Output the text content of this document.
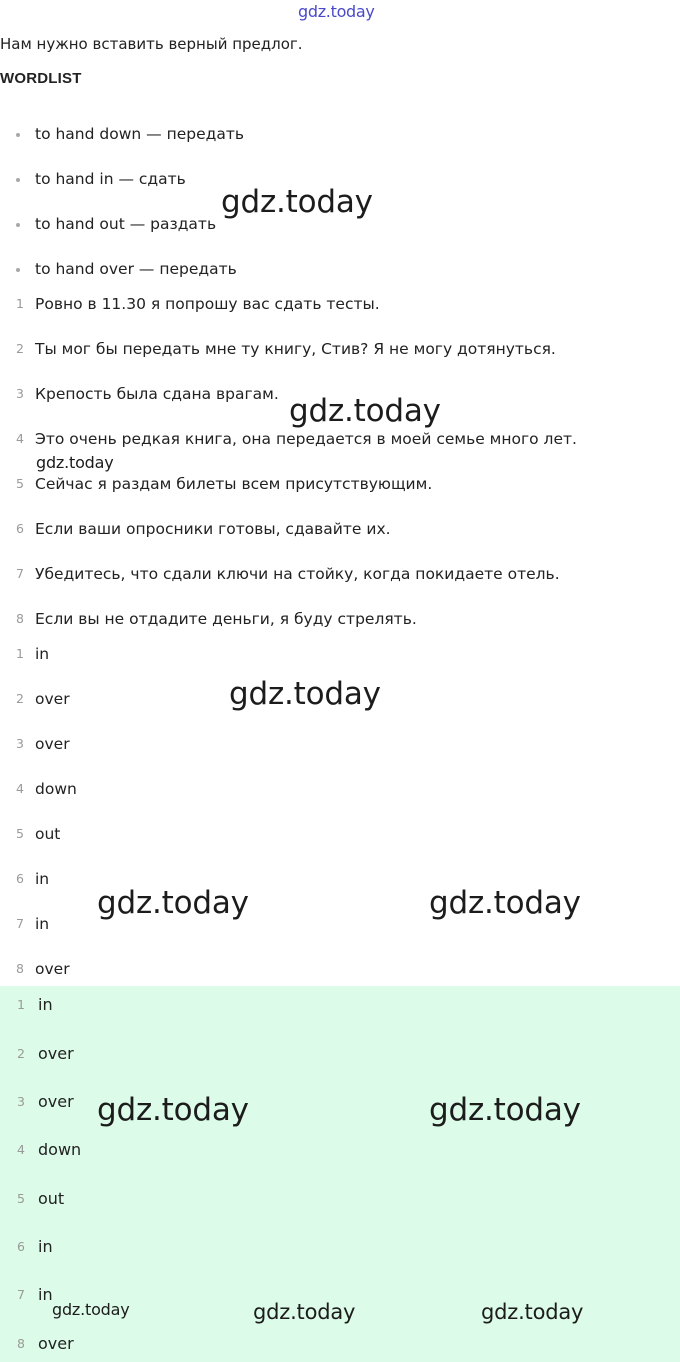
gdz.today
Нам нужно вставить верный предлог.
WORDLIST
to hand down — передать
to hand in — сдать
to hand out — раздать
to hand over — передать
1 Ровно в 11.30 я попрошу вас сдать тесты.
2 Ты мог бы передать мне ту книгу, Стив? Я не могу дотянуться.
3 Крепость была сдана врагам.
4 Это очень редкая книга, она передается в моей семье много лет.
5 Сейчас я раздам билеты всем присутствующим.
6 Если ваши опросники готовы, сдавайте их.
7 Убедитесь, что сдали ключи на стойку, когда покидаете отель.
8 Если вы не отдадите деньги, я буду стрелять.
1 in
2 over
3 over
4 down
5 out
6 in
7 in
8 over
1 in
2 over
3 over
4 down
5 out
6 in
7 in
8 over
gdz.today
gdz.today
gdz.today
gdz.today
gdz.today	gdz.today
gdz.today	gdz.today
gdz.today	gdz.today	gdz.today
